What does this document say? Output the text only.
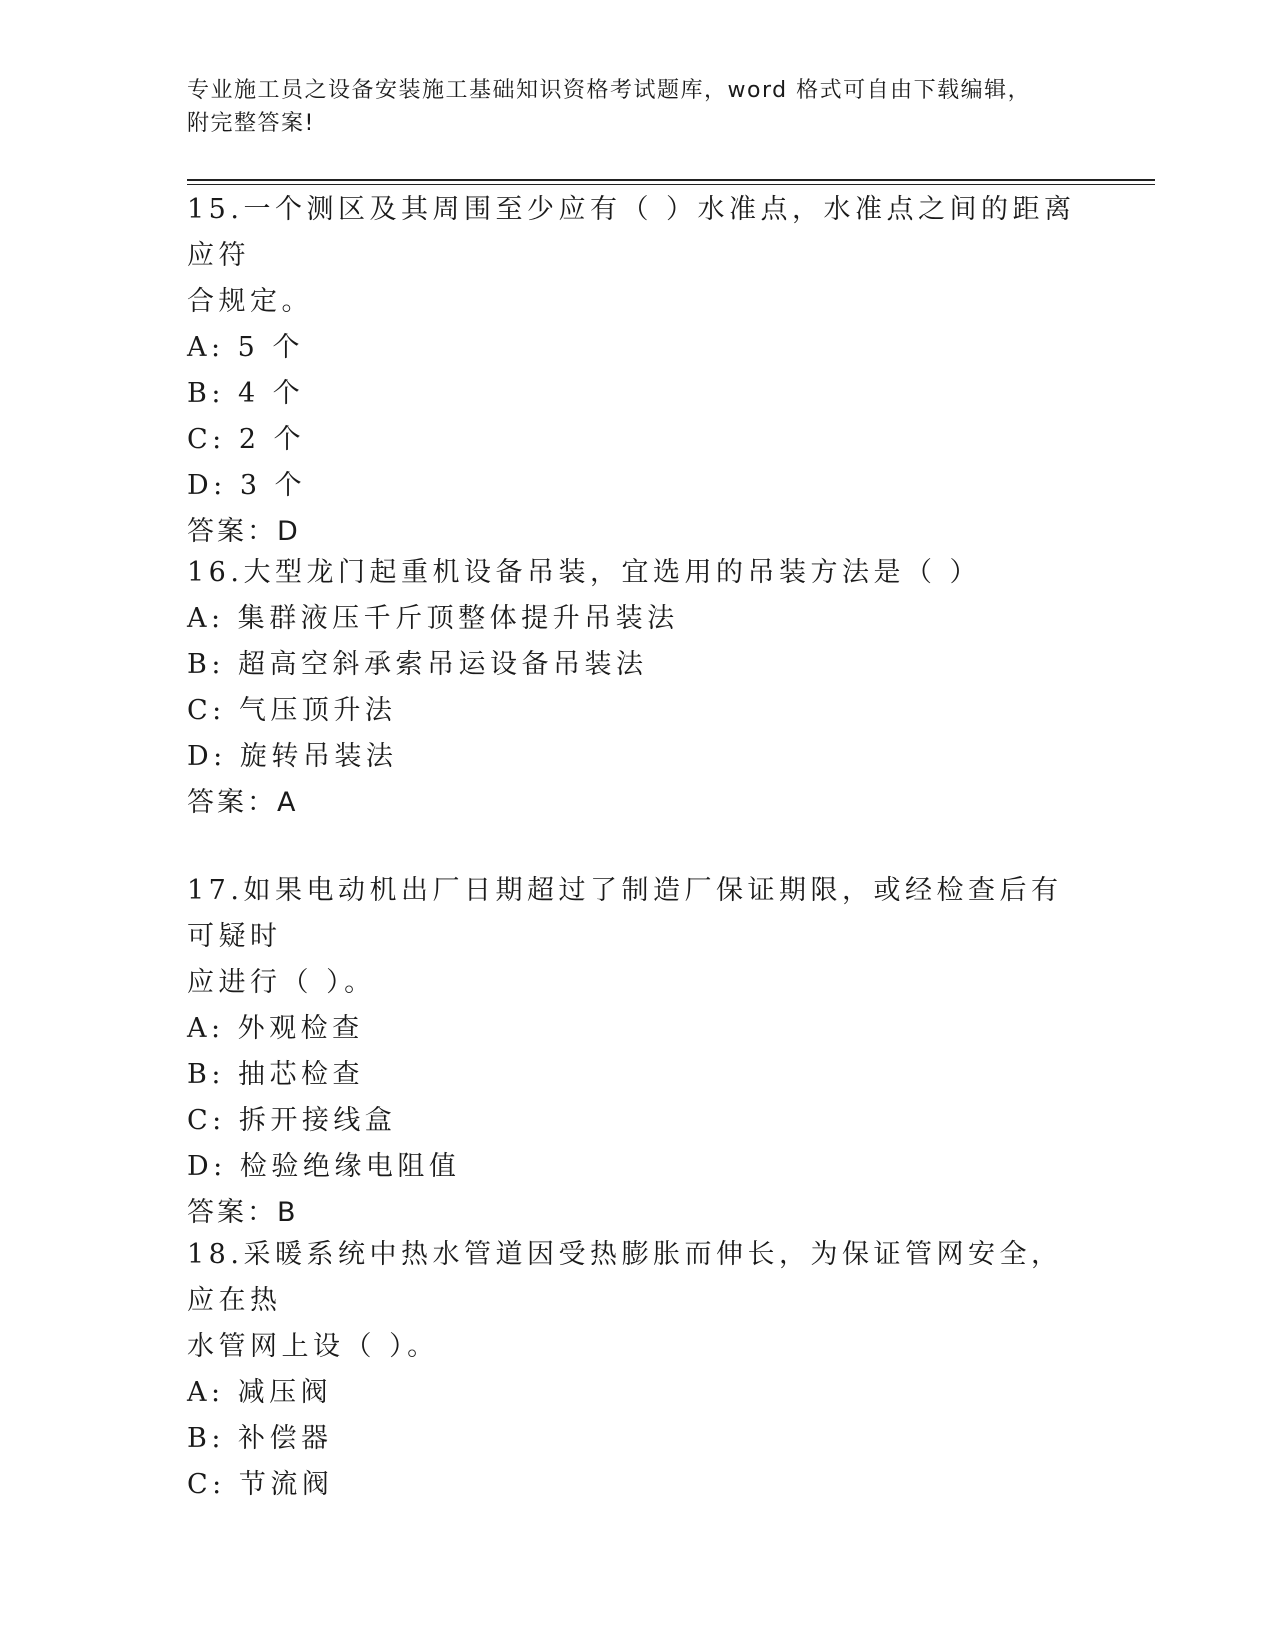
专业施工员之设备安装施工基础知识资格考试题库，word 格式可自由下载编辑，
附完整答案!
15.一个测区及其周围至少应有（ ）水准点，水准点之间的距离应符
合规定。
A: 5 个
B: 4 个
C: 2 个
D: 3 个
答案：D
16.大型龙门起重机设备吊装，宜选用的吊装方法是（ ）
A: 集群液压千斤顶整体提升吊装法
B: 超高空斜承索吊运设备吊装法
C: 气压顶升法
D: 旋转吊装法
答案：A
17.如果电动机出厂日期超过了制造厂保证期限，或经检查后有可疑时
应进行（ ）。
A: 外观检查
B: 抽芯检查
C: 拆开接线盒
D: 检验绝缘电阻值
答案：B
18.采暖系统中热水管道因受热膨胀而伸长，为保证管网安全，应在热
水管网上设（ ）。
A: 减压阀
B: 补偿器
C: 节流阀
